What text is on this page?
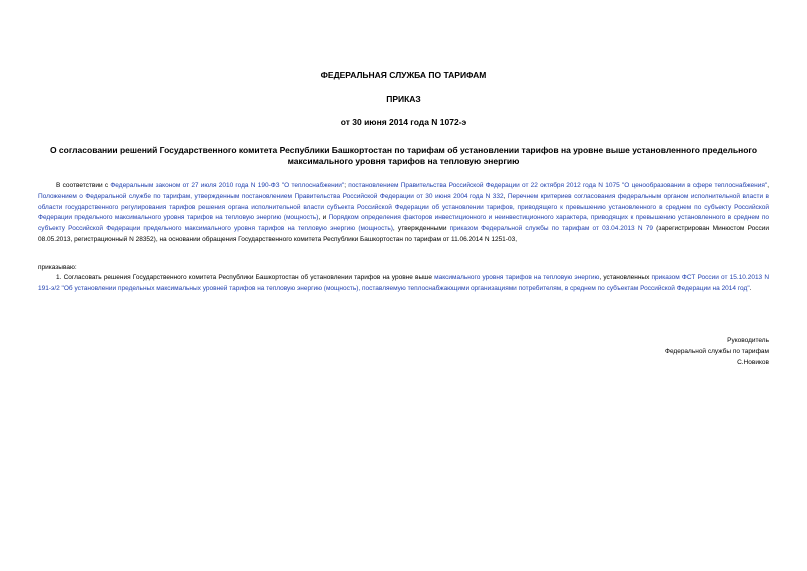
ФЕДЕРАЛЬНАЯ СЛУЖБА ПО ТАРИФАМ
ПРИКАЗ
от 30 июня 2014 года N 1072-э
О согласовании решений Государственного комитета Республики Башкортостан по тарифам об установлении тарифов на уровне выше установленного предельного максимального уровня тарифов на тепловую энергию
В соответствии с Федеральным законом от 27 июля 2010 года N 190-ФЗ "О теплоснабжении"; постановлением Правительства Российской Федерации от 22 октября 2012 года N 1075 "О ценообразовании в сфере теплоснабжения", Положением о Федеральной службе по тарифам, утвержденным постановлением Правительства Российской Федерации от 30 июня 2004 года N 332, Перечнем критериев согласования федеральным органом исполнительной власти в области государственного регулирования тарифов решения органа исполнительной власти субъекта Российской Федерации об установлении тарифов, приводящего к превышению установленного в среднем по субъекту Российской Федерации предельного максимального уровня тарифов на тепловую энергию (мощность), и Порядком определения факторов инвестиционного и неинвестиционного характера, приводящих к превышению установленного в среднем по субъекту Российской Федерации предельного максимального уровня тарифов на тепловую энергию (мощность), утвержденными приказом Федеральной службы по тарифам от 03.04.2013 N 79 (зарегистрирован Минюстом России 08.05.2013, регистрационный N 28352), на основании обращения Государственного комитета Республики Башкортостан по тарифам от 11.06.2014 N 1251-03,
приказываю:
1. Согласовать решения Государственного комитета Республики Башкортостан об установлении тарифов на уровне выше максимального уровня тарифов на тепловую энергию, установленных приказом ФСТ России от 15.10.2013 N 191-э/2 "Об установлении предельных максимальных уровней тарифов на тепловую энергию (мощность), поставляемую теплоснабжающими организациями потребителям, в среднем по субъектам Российской Федерации на 2014 год".
Руководитель
Федеральной службы по тарифам
С.Новиков
